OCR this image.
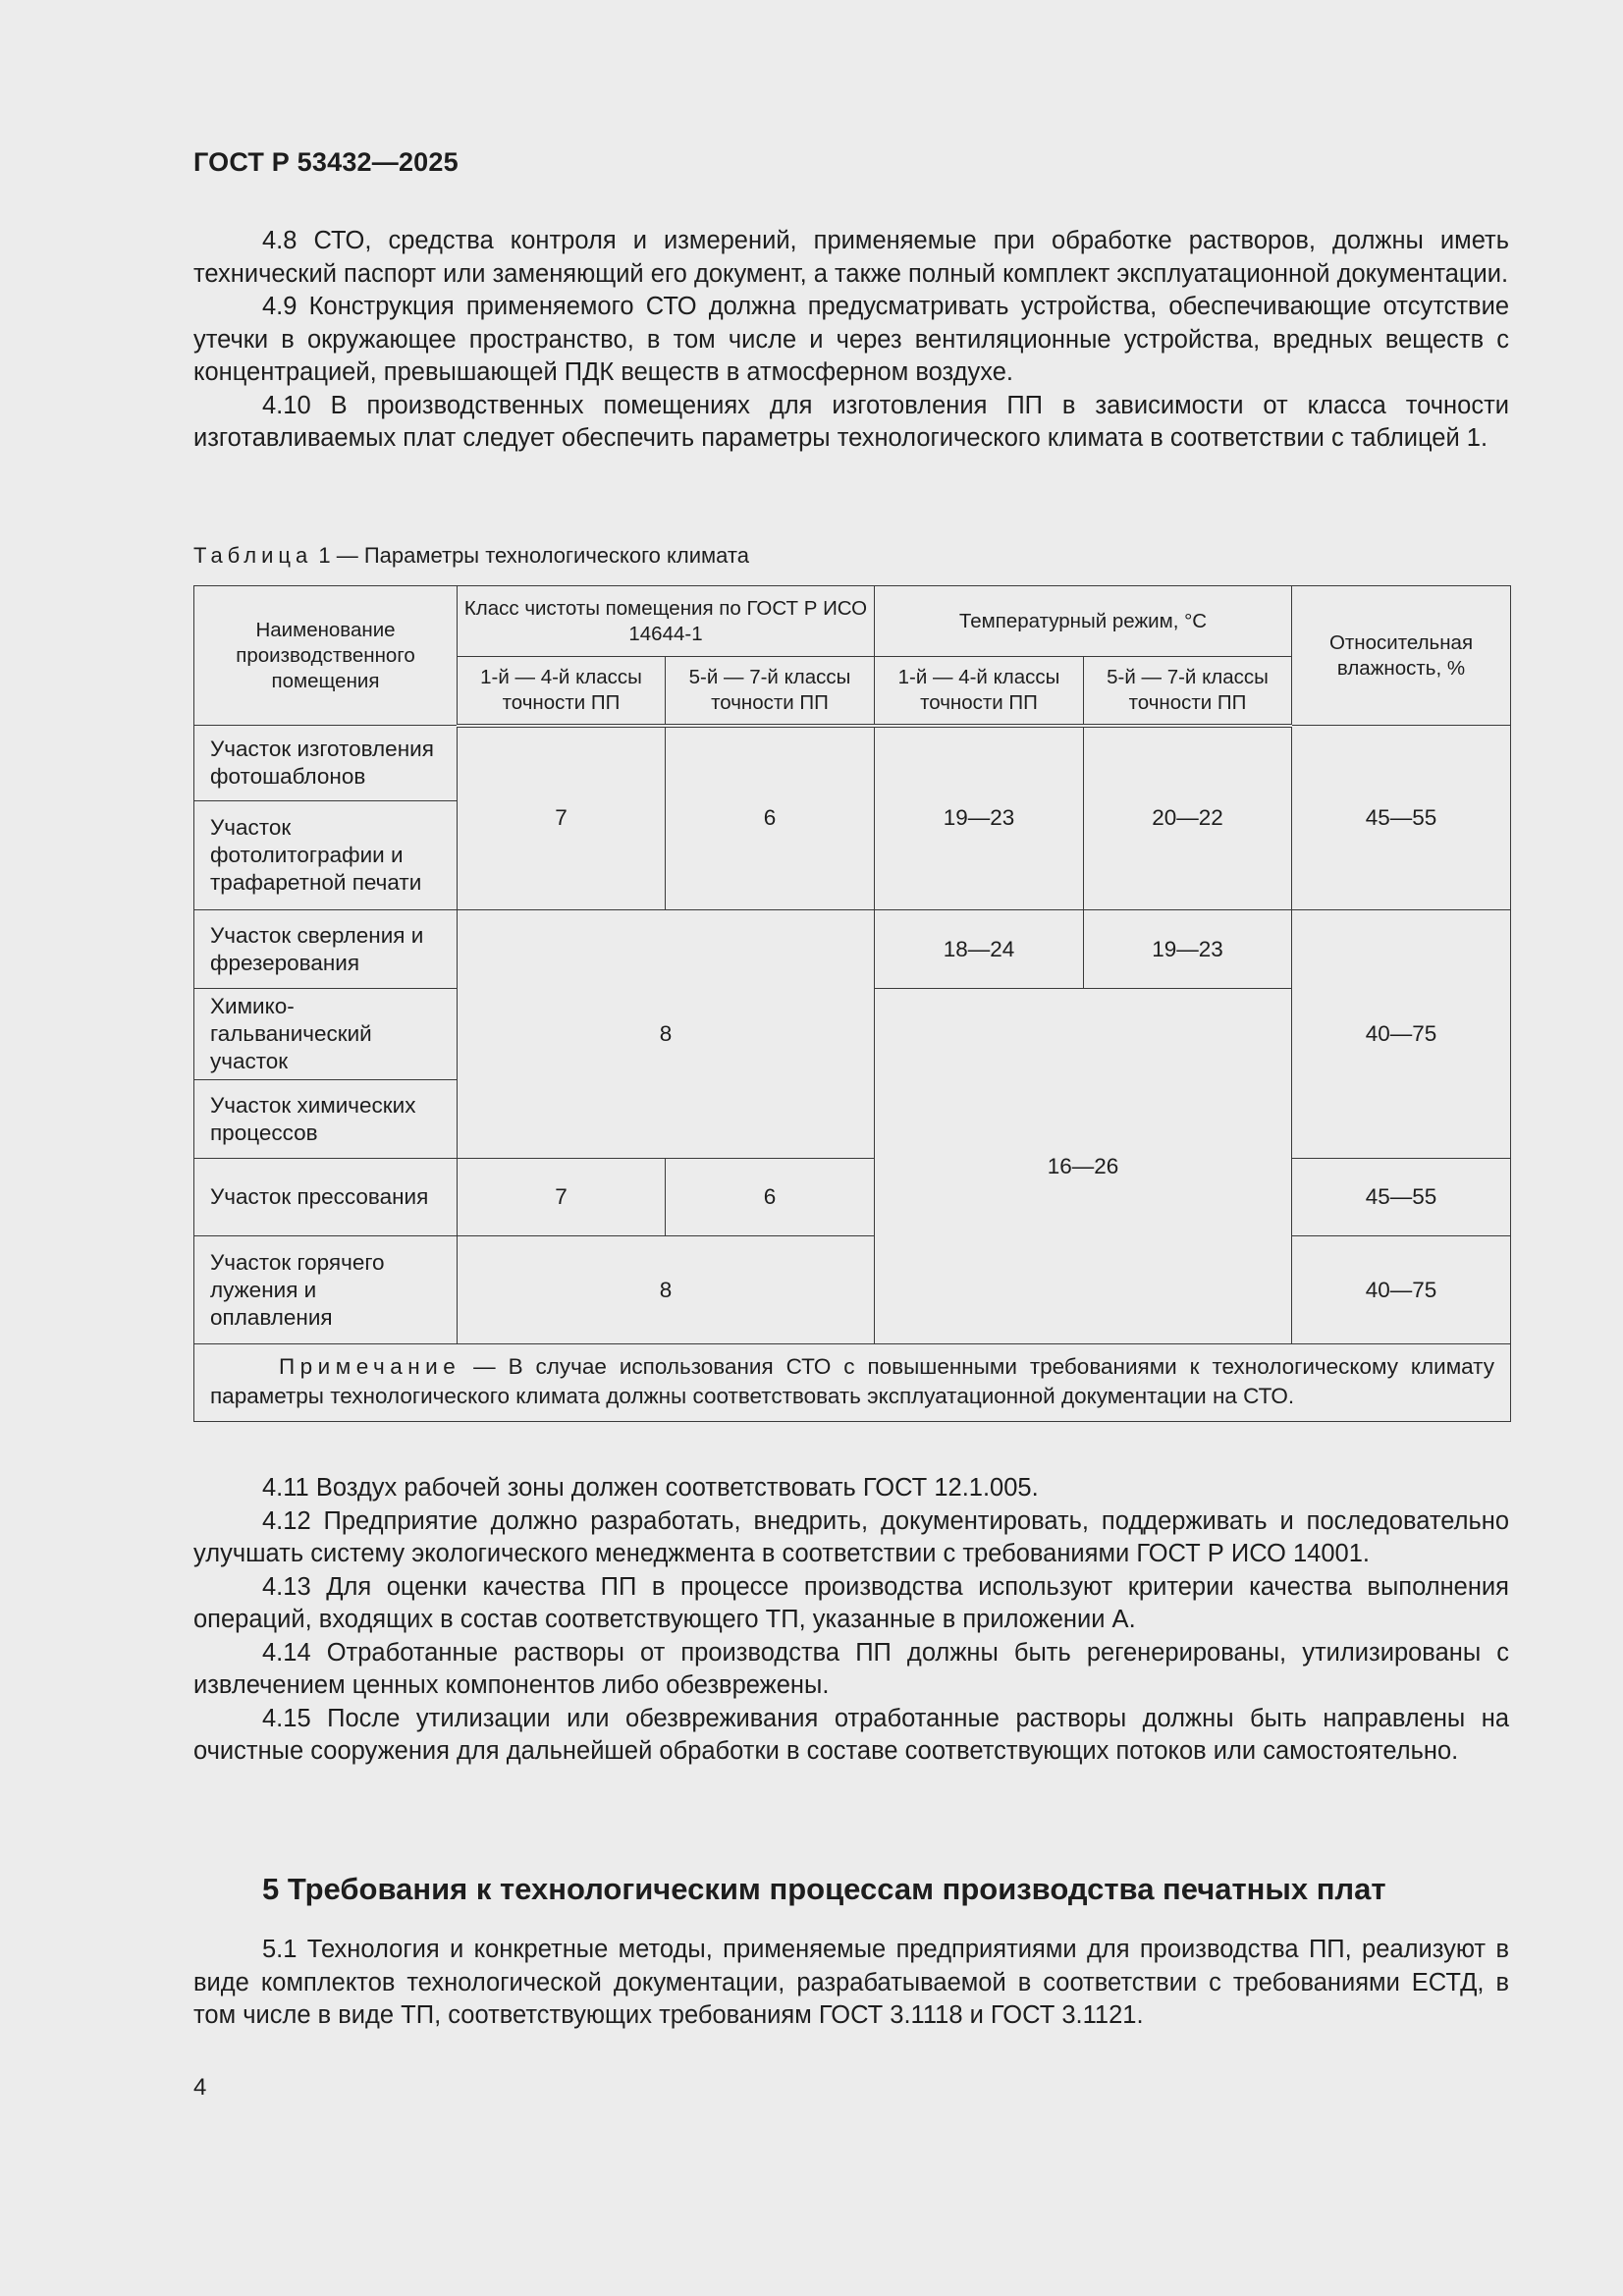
ГОСТ Р 53432—2025

4.8 СТО, средства контроля и измерений, применяемые при обработке растворов, должны иметь технический паспорт или заменяющий его документ, а также полный комплект эксплуатационной документации.

4.9 Конструкция применяемого СТО должна предусматривать устройства, обеспечивающие отсутствие утечки в окружающее пространство, в том числе и через вентиляционные устройства, вредных веществ с концентрацией, превышающей ПДК веществ в атмосферном воздухе.

4.10 В производственных помещениях для изготовления ПП в зависимости от класса точности изготавливаемых плат следует обеспечить параметры технологического климата в соответствии с таблицей 1.

Таблица 1 — Параметры технологического климата
Наименование производственного помещения	Класс чистоты помещения по ГОСТ Р ИСО 14644-1		Температурный режим, °С		Относительная влажность, %
	1-й — 4-й классы точности ПП	5-й — 7-й классы точности ПП	1-й — 4-й классы точности ПП	5-й — 7-й классы точности ПП	
Участок изготовления фотошаблонов	7	6	19—23	20—22	45—55
Участок фотолитографии и трафаретной печати					
Участок сверления и фрезерования	8		18—24	19—23	40—75
Химико-гальванический участок			16—26		
Участок химических процессов					
Участок прессования	7	6			45—55
Участок горячего лужения и оплавления	8				40—75
Примечание — В случае использования СТО с повышенными требованиями к технологическому климату параметры технологического климата должны соответствовать эксплуатационной документации на СТО.					

4.11 Воздух рабочей зоны должен соответствовать ГОСТ 12.1.005.

4.12 Предприятие должно разработать, внедрить, документировать, поддерживать и последовательно улучшать систему экологического менеджмента в соответствии с требованиями ГОСТ Р ИСО 14001.

4.13 Для оценки качества ПП в процессе производства используют критерии качества выполнения операций, входящих в состав соответствующего ТП, указанные в приложении А.

4.14 Отработанные растворы от производства ПП должны быть регенерированы, утилизированы с извлечением ценных компонентов либо обезврежены.

4.15 После утилизации или обезвреживания отработанные растворы должны быть направлены на очистные сооружения для дальнейшей обработки в составе соответствующих потоков или самостоятельно.

5 Требования к технологическим процессам производства печатных плат

5.1 Технология и конкретные методы, применяемые предприятиями для производства ПП, реализуют в виде комплектов технологической документации, разрабатываемой в соответствии с требованиями ЕСТД, в том числе в виде ТП, соответствующих требованиям ГОСТ 3.1118 и ГОСТ 3.1121.

4
